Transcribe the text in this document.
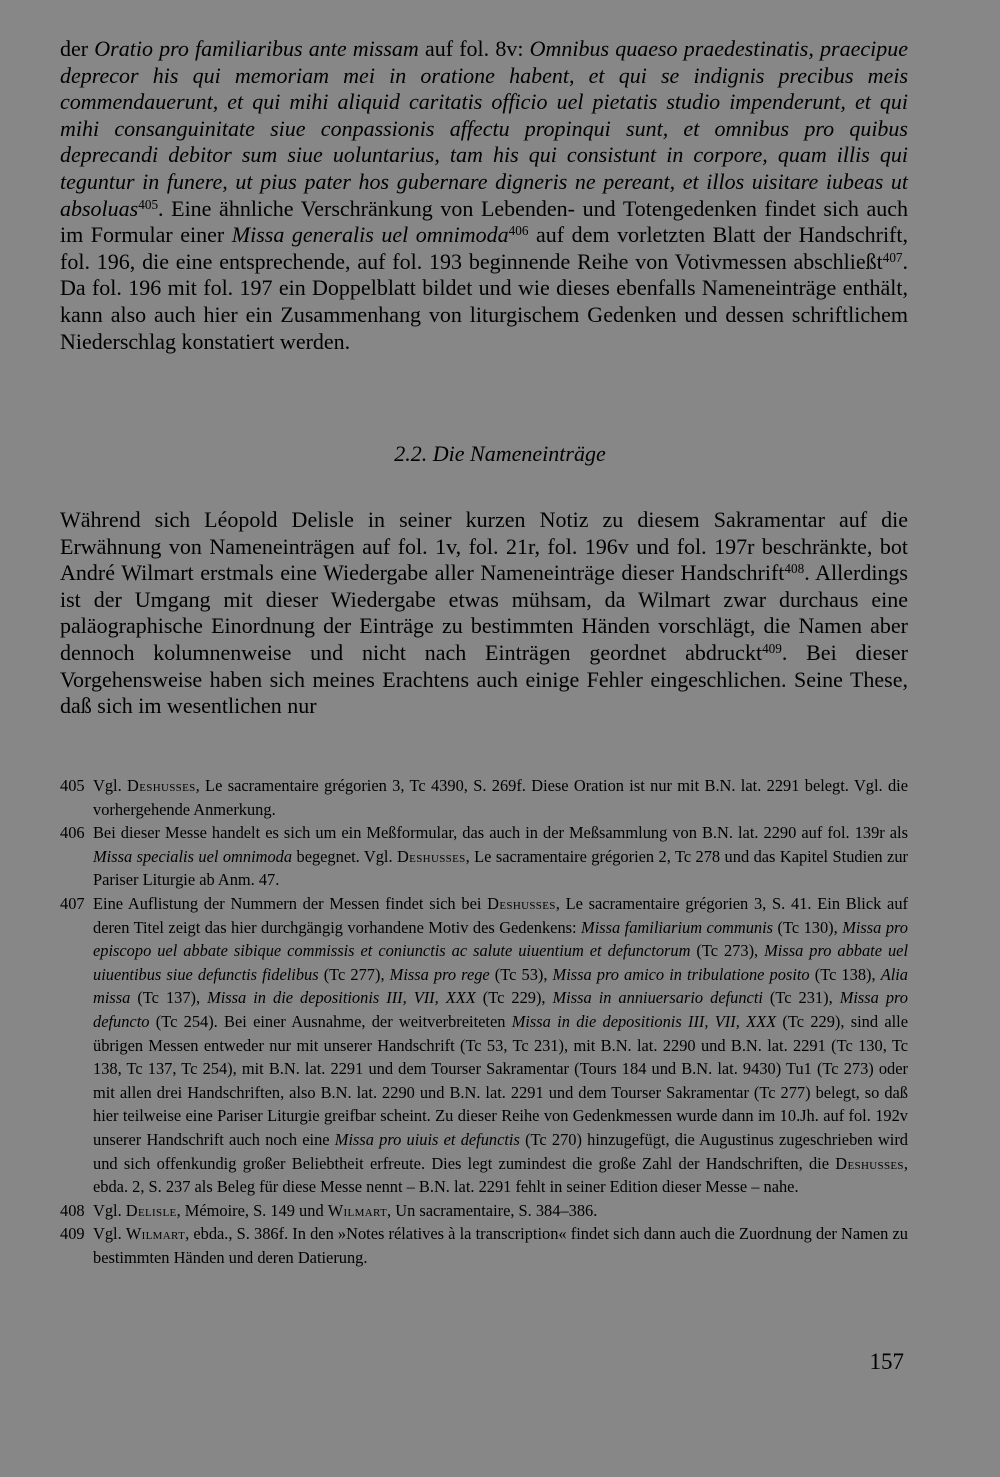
der Oratio pro familiaribus ante missam auf fol. 8v: Omnibus quaeso praedestinatis, praecipue deprecor his qui memoriam mei in oratione habent, et qui se indignis precibus meis commendauerunt, et qui mihi aliquid caritatis officio uel pietatis studio impenderunt, et qui mihi consanguinitate siue conpassionis affectu propinqui sunt, et omnibus pro quibus deprecandi debitor sum siue uoluntarius, tam his qui consistunt in corpore, quam illis qui teguntur in funere, ut pius pater hos gubernare digneris ne pereant, et illos uisitare iubeas ut absoluas$^{405}$. Eine ähnliche Verschränkung von Lebenden- und Totengedenken findet sich auch im Formular einer Missa generalis uel omnimoda$^{406}$ auf dem vorletzten Blatt der Handschrift, fol. 196, die eine entsprechende, auf fol. 193 beginnende Reihe von Votivmessen abschließt$^{407}$. Da fol. 196 mit fol. 197 ein Doppelblatt bildet und wie dieses ebenfalls Nameneinträge enthält, kann also auch hier ein Zusammenhang von liturgischem Gedenken und dessen schriftlichem Niederschlag konstatiert werden.

2.2. Die Nameneinträge

Während sich Léopold Delisle in seiner kurzen Notiz zu diesem Sakramentar auf die Erwähnung von Nameneinträgen auf fol. 1v, fol. 21r, fol. 196v und fol. 197r beschränkte, bot André Wilmart erstmals eine Wiedergabe aller Nameneinträge dieser Handschrift$^{408}$. Allerdings ist der Umgang mit dieser Wiedergabe etwas mühsam, da Wilmart zwar durchaus eine paläographische Einordnung der Einträge zu bestimmten Händen vorschlägt, die Namen aber dennoch kolumnenweise und nicht nach Einträgen geordnet abdruckt$^{409}$. Bei dieser Vorgehensweise haben sich meines Erachtens auch einige Fehler eingeschlichen. Seine These, daß sich im wesentlichen nur

405 Vgl. Deshusses, Le sacramentaire grégorien 3, Tc 4390, S. 269f. Diese Oration ist nur mit B.N. lat. 2291 belegt. Vgl. die vorhergehende Anmerkung.
406 Bei dieser Messe handelt es sich um ein Meßformular, das auch in der Meßsammlung von B.N. lat. 2290 auf fol. 139r als Missa specialis uel omnimoda begegnet. Vgl. Deshusses, Le sacramentaire grégorien 2, Tc 278 und das Kapitel Studien zur Pariser Liturgie ab Anm. 47.
407 Eine Auflistung der Nummern der Messen findet sich bei Deshusses, Le sacramentaire grégorien 3, S. 41. Ein Blick auf deren Titel zeigt das hier durchgängig vorhandene Motiv des Gedenkens: Missa familiarium communis (Tc 130), Missa pro episcopo uel abbate sibique commissis et coniunctis ac salute uiuentium et defunctorum (Tc 273), Missa pro abbate uel uiuentibus siue defunctis fidelibus (Tc 277), Missa pro rege (Tc 53), Missa pro amico in tribulatione posito (Tc 138), Alia missa (Tc 137), Missa in die depositionis III, VII, XXX (Tc 229), Missa in anniuersario defuncti (Tc 231), Missa pro defuncto (Tc 254). Bei einer Ausnahme, der weitverbreiteten Missa in die depositionis III, VII, XXX (Tc 229), sind alle übrigen Messen entweder nur mit unserer Handschrift (Tc 53, Tc 231), mit B.N. lat. 2290 und B.N. lat. 2291 (Tc 130, Tc 138, Tc 137, Tc 254), mit B.N. lat. 2291 und dem Tourser Sakramentar (Tours 184 und B.N. lat. 9430) Tu1 (Tc 273) oder mit allen drei Handschriften, also B.N. lat. 2290 und B.N. lat. 2291 und dem Tourser Sakramentar (Tc 277) belegt, so daß hier teilweise eine Pariser Liturgie greifbar scheint. Zu dieser Reihe von Gedenkmessen wurde dann im 10.Jh. auf fol. 192v unserer Handschrift auch noch eine Missa pro uiuis et defunctis (Tc 270) hinzugefügt, die Augustinus zugeschrieben wird und sich offenkundig großer Beliebtheit erfreute. Dies legt zumindest die große Zahl der Handschriften, die Deshusses, ebda. 2, S. 237 als Beleg für diese Messe nennt – B.N. lat. 2291 fehlt in seiner Edition dieser Messe – nahe.
408 Vgl. Delisle, Mémoire, S. 149 und Wilmart, Un sacramentaire, S. 384–386.
409 Vgl. Wilmart, ebda., S. 386f. In den »Notes rélatives à la transcription« findet sich dann auch die Zuordnung der Namen zu bestimmten Händen und deren Datierung.
157
